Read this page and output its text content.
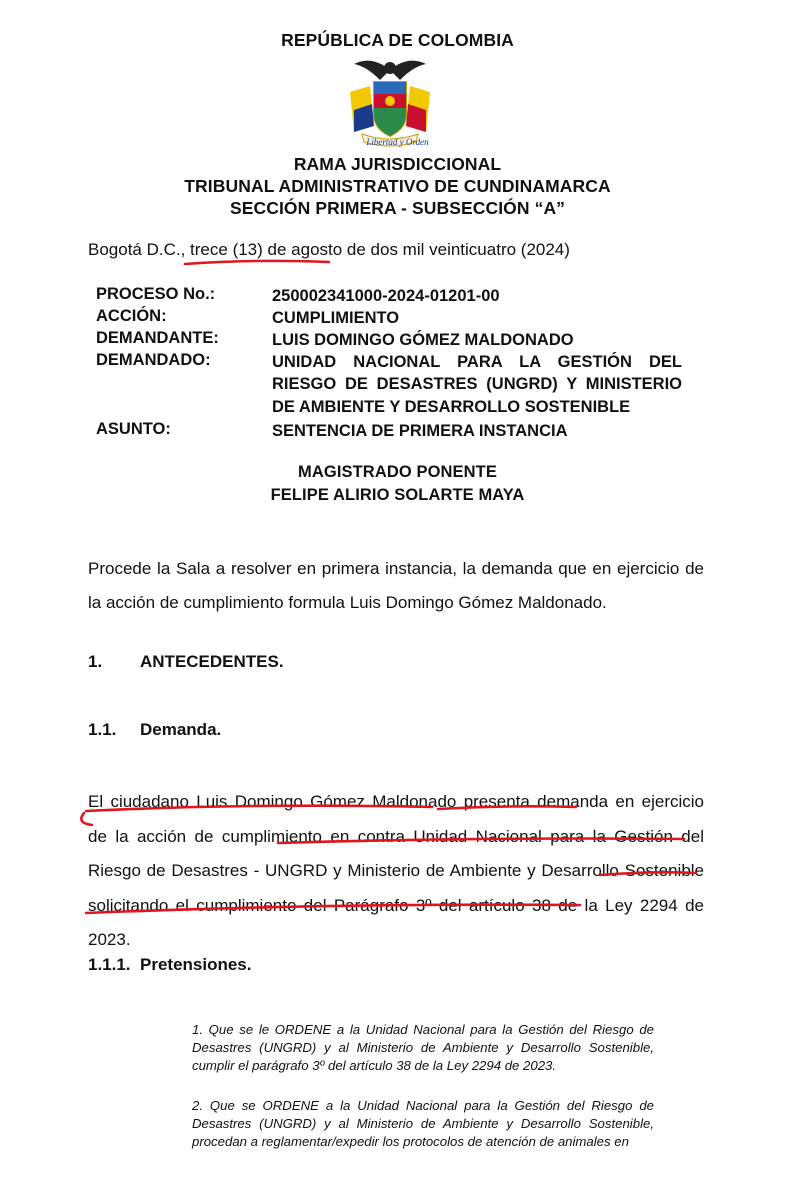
REPÚBLICA DE COLOMBIA
Libertad y Orden
RAMA JURISDICCIONAL
TRIBUNAL ADMINISTRATIVO DE CUNDINAMARCA
SECCIÓN PRIMERA - SUBSECCIÓN “A”
Bogotá D.C., trece (13) de agosto de dos mil veinticuatro (2024)
PROCESO No.:	250002341000-2024-01201-00
ACCIÓN:	CUMPLIMIENTO
DEMANDANTE:	LUIS DOMINGO GÓMEZ MALDONADO
DEMANDADO:	UNIDAD NACIONAL PARA LA GESTIÓN DEL RIESGO DE DESASTRES (UNGRD) Y MINISTERIO DE AMBIENTE Y DESARROLLO SOSTENIBLE
ASUNTO:	SENTENCIA DE PRIMERA INSTANCIA
MAGISTRADO PONENTE
FELIPE ALIRIO SOLARTE MAYA
Procede la Sala a resolver en primera instancia, la demanda que en ejercicio de la acción de cumplimiento formula Luis Domingo Gómez Maldonado.
1. ANTECEDENTES.
1.1. Demanda.
El ciudadano Luis Domingo Gómez Maldonado presenta demanda en ejercicio de la acción de cumplimiento en contra Unidad Nacional para la Gestión del Riesgo de Desastres - UNGRD y Ministerio de Ambiente y Desarrollo Sostenible solicitando el cumplimiento del Parágrafo 3º del artículo 38 de la Ley 2294 de 2023.
1.1.1. Pretensiones.
1. Que se le ORDENE a la Unidad Nacional para la Gestión del Riesgo de Desastres (UNGRD) y al Ministerio de Ambiente y Desarrollo Sostenible, cumplir el parágrafo 3º del artículo 38 de la Ley 2294 de 2023.
2. Que se ORDENE a la Unidad Nacional para la Gestión del Riesgo de Desastres (UNGRD) y al Ministerio de Ambiente y Desarrollo Sostenible, procedan a reglamentar/expedir los protocolos de atención de animales en
